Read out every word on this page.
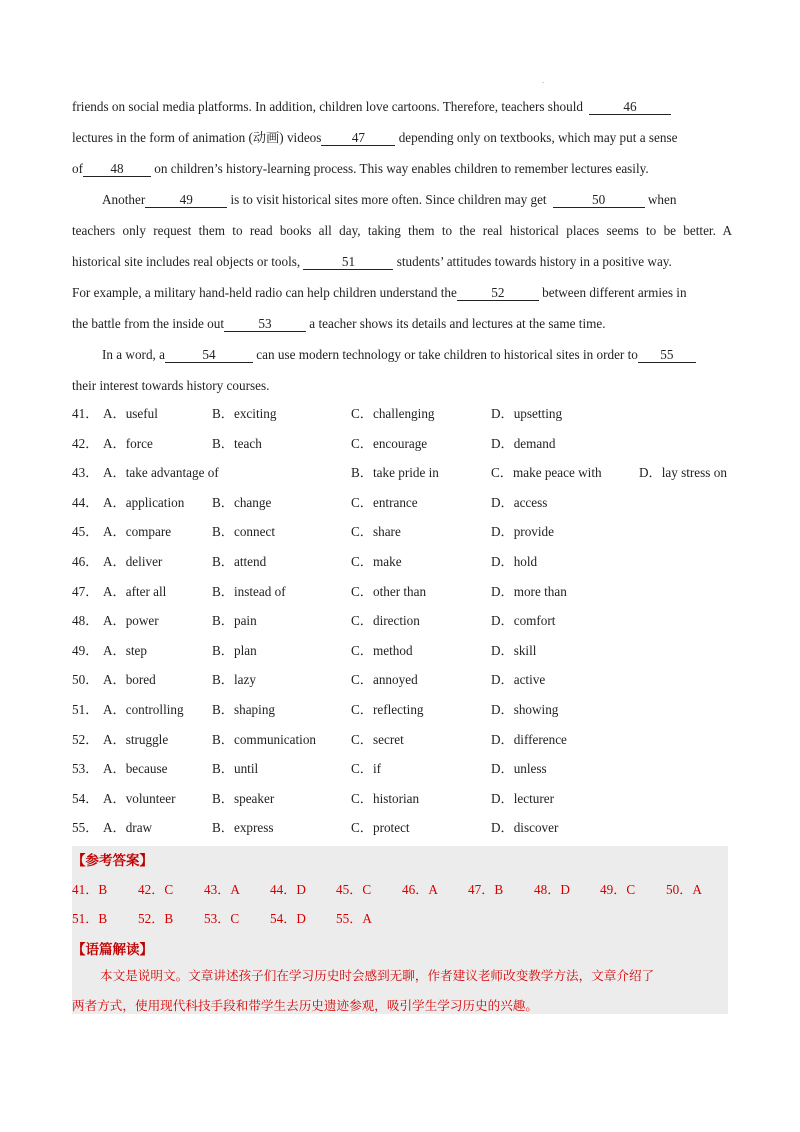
.
friends on social media platforms. In addition, children love cartoons. Therefore, teachers should	46
lectures in the form of animation (动画) videos 47 depending only on textbooks, which may put a sense
of 48 on children’s history-learning process. This way enables children to remember lectures easily.
Another	49	is to visit historical sites more often. Since children may get	50	when
teachers only request them to read books all day, taking them to the real historical places seems to be better. A
historical site includes real objects or tools,	51	students’ attitudes towards history in a positive way.
For example, a military hand-held radio can help children understand the	52	between different armies in
the battle from the inside out	53	a teacher shows its details and lectures at the same time.
In a word, a	54	can use modern technology or take children to historical sites in order to 55
their interest towards history courses.
41． A．useful	B．exciting	C．challenging	D．upsetting
42． A．force	B．teach	C．encourage	D．demand
43． A．take advantage of	B．take pride in	C．make peace with	D．lay stress on
44． A．application B．change	C．entrance	D．access
45． A．compare	B．connect	C．share	D．provide
46． A．deliver	B．attend	C．make	D．hold
47． A．after all	B．instead of	C．other than	D．more than
48． A．power	B．pain	C．direction	D．comfort
49． A．step	B．plan	C．method	D．skill
50． A．bored	B．lazy	C．annoyed	D．active
51． A．controlling B．shaping	C．reflecting	D．showing
52． A．struggle	B．communication	C．secret	D．difference
53． A．because	B．until	C．if	D．unless
54． A．volunteer	B．speaker	C．historian	D．lecturer
55． A．draw	B．express	C．protect	D．discover
【参考答案】
41．B 42．C 43．A 44．D 45．C 46．A 47．B 48．D 49．C 50．A
51．B 52．B 53．C 54．D 55．A
【语篇解读】
本文是说明文。文章讲述孩子们在学习历史时会感到无聊，作者建议老师改变教学方法，文章介绍了
两者方式，使用现代科技手段和带学生去历史遗迹参观，吸引学生学习历史的兴趣。
